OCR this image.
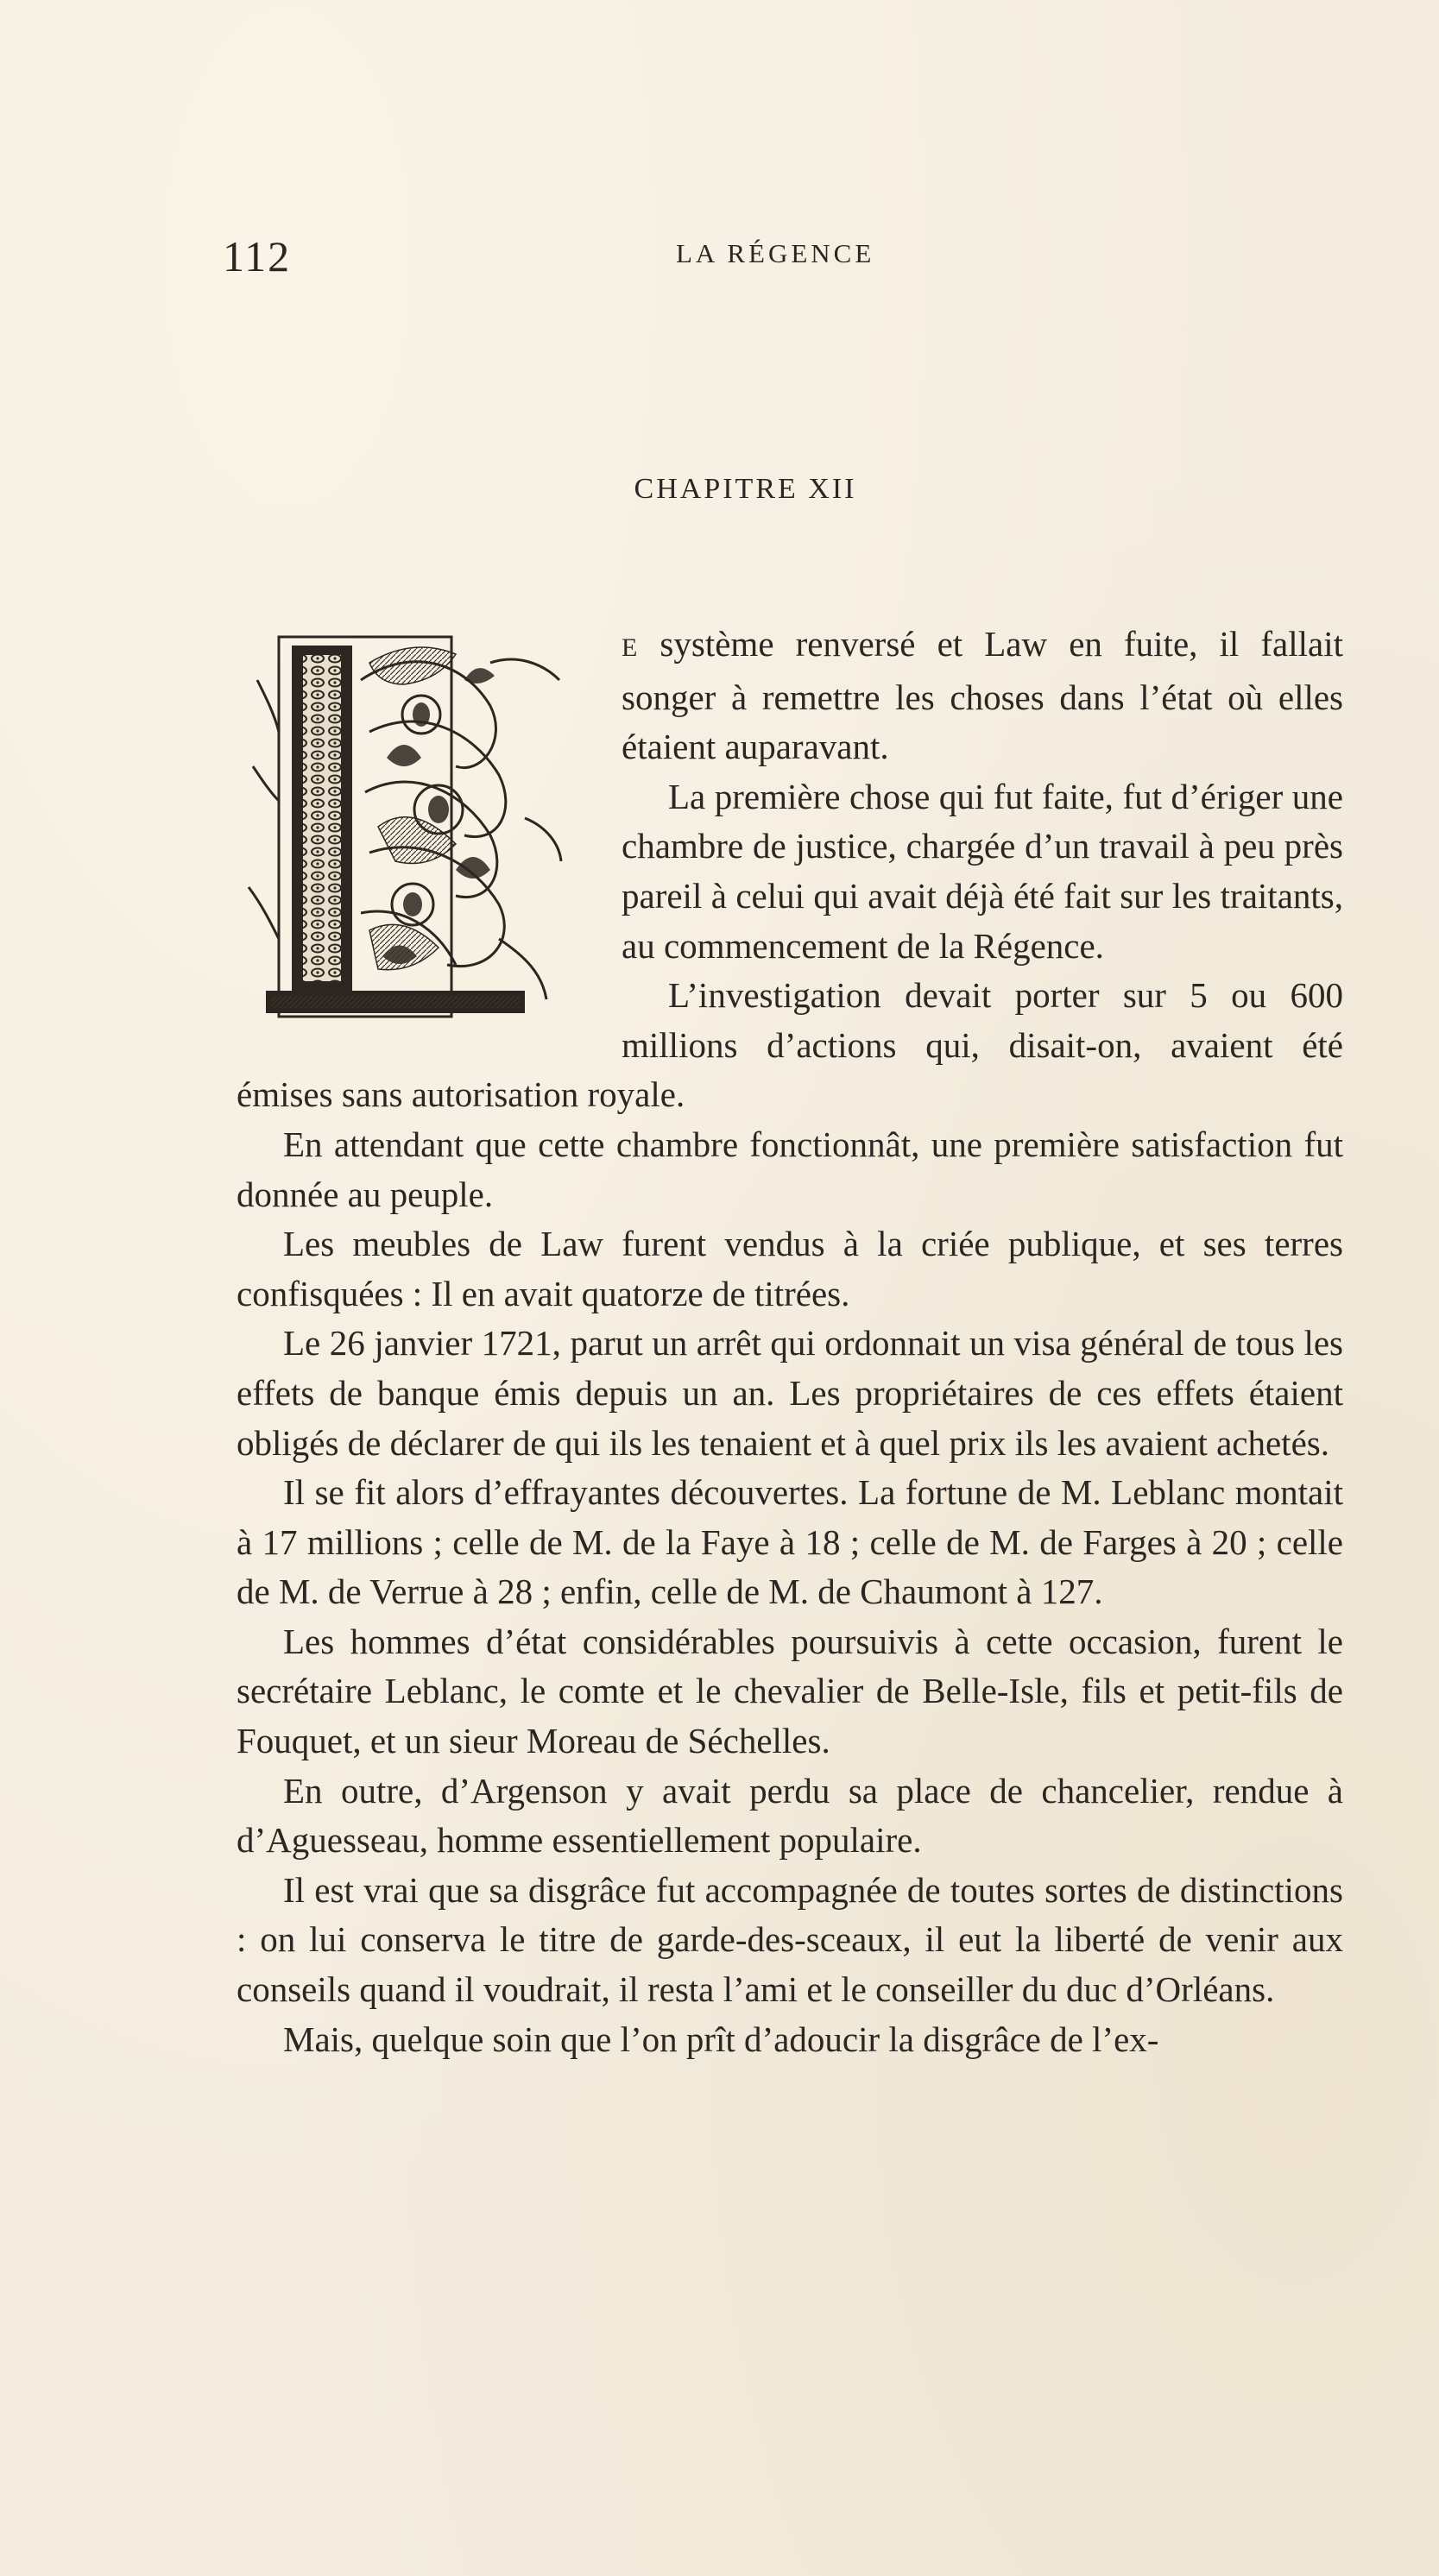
112	LA RÉGENCE
CHAPITRE XII

E système renversé et Law en fuite, il fallait songer à remettre les choses dans l’état où elles étaient auparavant.

La première chose qui fut faite, fut d’ériger une chambre de justice, chargée d’un travail à peu près pareil à celui qui avait déjà été fait sur les traitants, au commencement de la Régence.

L’investigation devait porter sur 5 ou 600 millions d’actions qui, disait-on, avaient été émises sans autorisation royale.

En attendant que cette chambre fonctionnât, une première satisfaction fut donnée au peuple.

Les meubles de Law furent vendus à la criée publique, et ses terres confisquées : Il en avait quatorze de titrées.

Le 26 janvier 1721, parut un arrêt qui ordonnait un visa général de tous les effets de banque émis depuis un an. Les propriétaires de ces effets étaient obligés de déclarer de qui ils les tenaient et à quel prix ils les avaient achetés.

Il se fit alors d’effrayantes découvertes. La fortune de M. Leblanc montait à 17 millions ; celle de M. de la Faye à 18 ; celle de M. de Farges à 20 ; celle de M. de Verrue à 28 ; enfin, celle de M. de Chaumont à 127.

Les hommes d’état considérables poursuivis à cette occasion, furent le secrétaire Leblanc, le comte et le chevalier de Belle-Isle, fils et petit-fils de Fouquet, et un sieur Moreau de Séchelles.

En outre, d’Argenson y avait perdu sa place de chancelier, rendue à d’Aguesseau, homme essentiellement populaire.

Il est vrai que sa disgrâce fut accompagnée de toutes sortes de distinctions : on lui conserva le titre de garde-des-sceaux, il eut la liberté de venir aux conseils quand il voudrait, il resta l’ami et le conseiller du duc d’Orléans.

Mais, quelque soin que l’on prît d’adoucir la disgrâce de l’ex-
